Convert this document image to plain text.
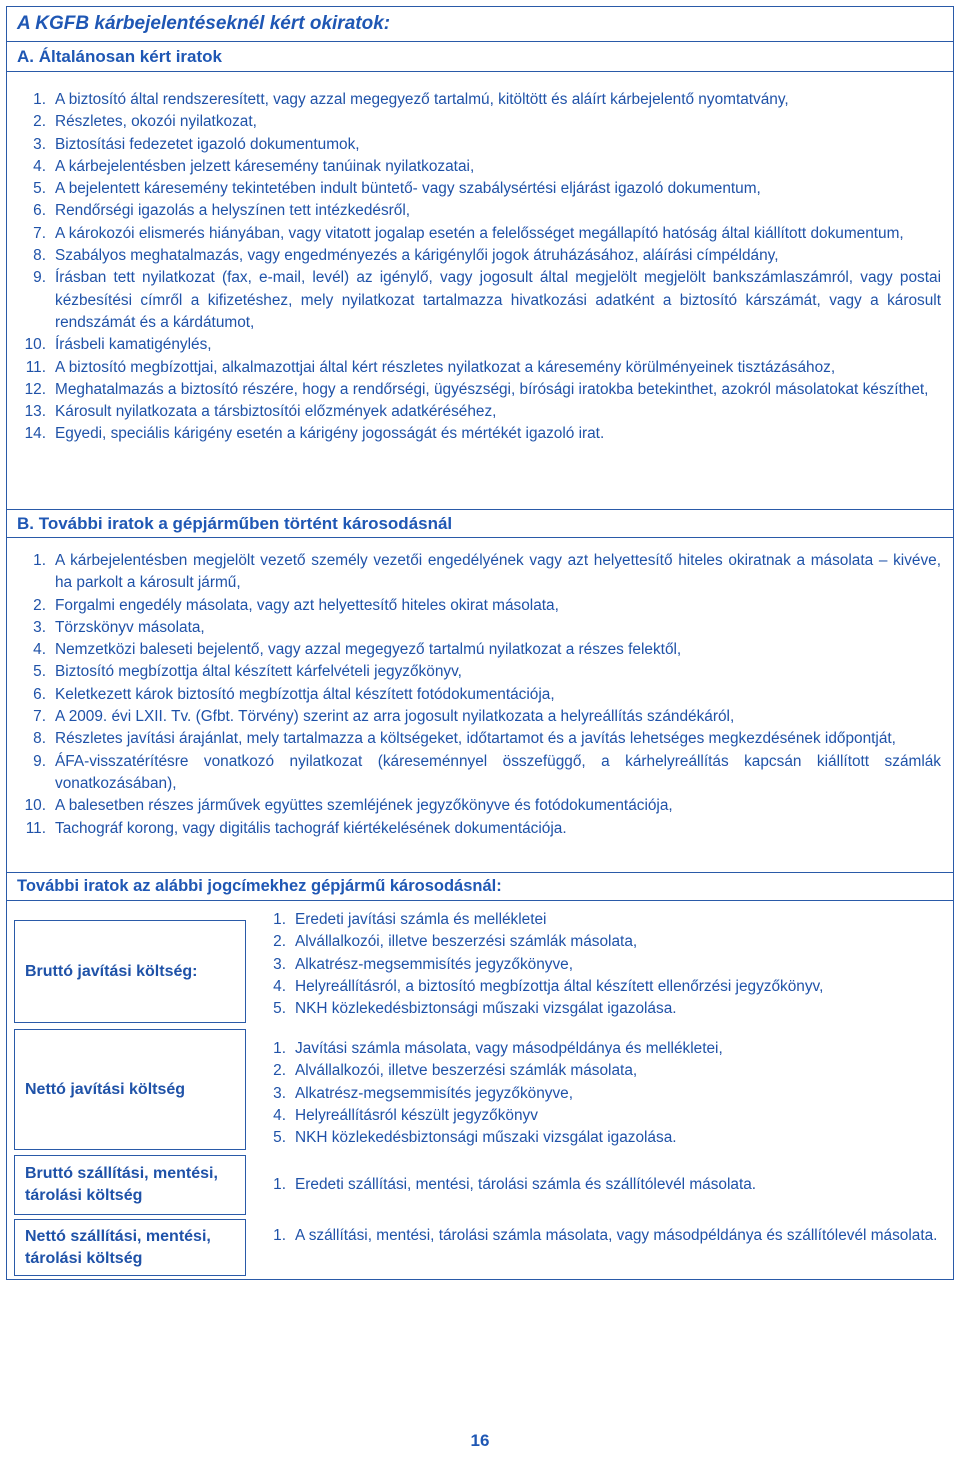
A KGFB kárbejelentéseknél kért okiratok:
A. Általánosan kért iratok
1. A biztosító által rendszeresített, vagy azzal megegyező tartalmú, kitöltött és aláírt kárbejelentő nyomtatvány,
2. Részletes, okozói nyilatkozat,
3. Biztosítási fedezetet igazoló dokumentumok,
4. A kárbejelentésben jelzett káresemény tanúinak nyilatkozatai,
5. A bejelentett káresemény tekintetében indult büntető- vagy szabálysértési eljárást igazoló dokumentum,
6. Rendőrségi igazolás a helyszínen tett intézkedésről,
7. A károkozói elismerés hiányában, vagy vitatott jogalap esetén a felelősséget megállapító hatóság által kiállított dokumentum,
8. Szabályos meghatalmazás, vagy engedményezés a kárigénylői jogok átruházásához, aláírási címpéldány,
9. Írásban tett nyilatkozat (fax, e-mail, levél) az igénylő, vagy jogosult által megjelölt megjelölt bankszámlaszámról, vagy postai kézbesítési címről a kifizetéshez, mely nyilatkozat tartalmazza hivatkozási adatként a biztosító kárszámát, vagy a károsult rendszámát és a kárdátumot,
10. Írásbeli kamatigénylés,
11. A biztosító megbízottjai, alkalmazottjai által kért részletes nyilatkozat a káresemény körülményeinek tisztázásához,
12. Meghatalmazás a biztosító részére, hogy a rendőrségi, ügyészségi, bírósági iratokba betekinthet, azokról másolatokat készíthet,
13. Károsult nyilatkozata a társbiztosítói előzmények adatkéréséhez,
14. Egyedi, speciális kárigény esetén a kárigény jogosságát és mértékét igazoló irat.
B. További iratok a gépjárműben történt károsodásnál
1. A kárbejelentésben megjelölt vezető személy vezetői engedélyének vagy azt helyettesítő hiteles okiratnak a másolata – kivéve, ha parkolt a károsult jármű,
2. Forgalmi engedély másolata, vagy azt helyettesítő hiteles okirat másolata,
3. Törzskönyv másolata,
4. Nemzetközi baleseti bejelentő, vagy azzal megegyező tartalmú nyilatkozat a részes felektől,
5. Biztosító megbízottja által készített kárfelvételi jegyzőkönyv,
6. Keletkezett károk biztosító megbízottja által készített fotódokumentációja,
7. A 2009. évi LXII. Tv. (Gfbt. Törvény) szerint az arra jogosult nyilatkozata a helyreállítás szándékáról,
8. Részletes javítási árajánlat, mely tartalmazza a költségeket, időtartamot és a javítás lehetséges megkezdésének időpontját,
9. ÁFA-visszatérítésre vonatkozó nyilatkozat (káreseménnyel összefüggő, a kárhelyreállítás kapcsán kiállított számlák vonatkozásában),
10. A balesetben részes járművek együttes szemléjének jegyzőkönyve és fotódokumentációja,
11. Tachográf korong, vagy digitális tachográf kiértékelésének dokumentációja.
További iratok az alábbi jogcímekhez gépjármű károsodásnál:
Bruttó javítási költség:
1. Eredeti javítási számla és mellékletei
2. Alvállalkozói, illetve beszerzési számlák másolata,
3. Alkatrész-megsemmisítés jegyzőkönyve,
4. Helyreállításról, a biztosító megbízottja által készített ellenőrzési jegyzőkönyv,
5. NKH közlekedésbiztonsági műszaki vizsgálat igazolása.
Nettó javítási költség
1. Javítási számla másolata, vagy másodpéldánya és mellékletei,
2. Alvállalkozói, illetve beszerzési számlák másolata,
3. Alkatrész-megsemmisítés jegyzőkönyve,
4. Helyreállításról készült jegyzőkönyv
5. NKH közlekedésbiztonsági műszaki vizsgálat igazolása.
Bruttó szállítási, mentési, tárolási költség
1. Eredeti szállítási, mentési, tárolási számla és szállítólevél másolata.
Nettó szállítási, mentési, tárolási költség
1. A szállítási, mentési, tárolási számla másolata, vagy másodpéldánya és szállítólevél másolata.
16
